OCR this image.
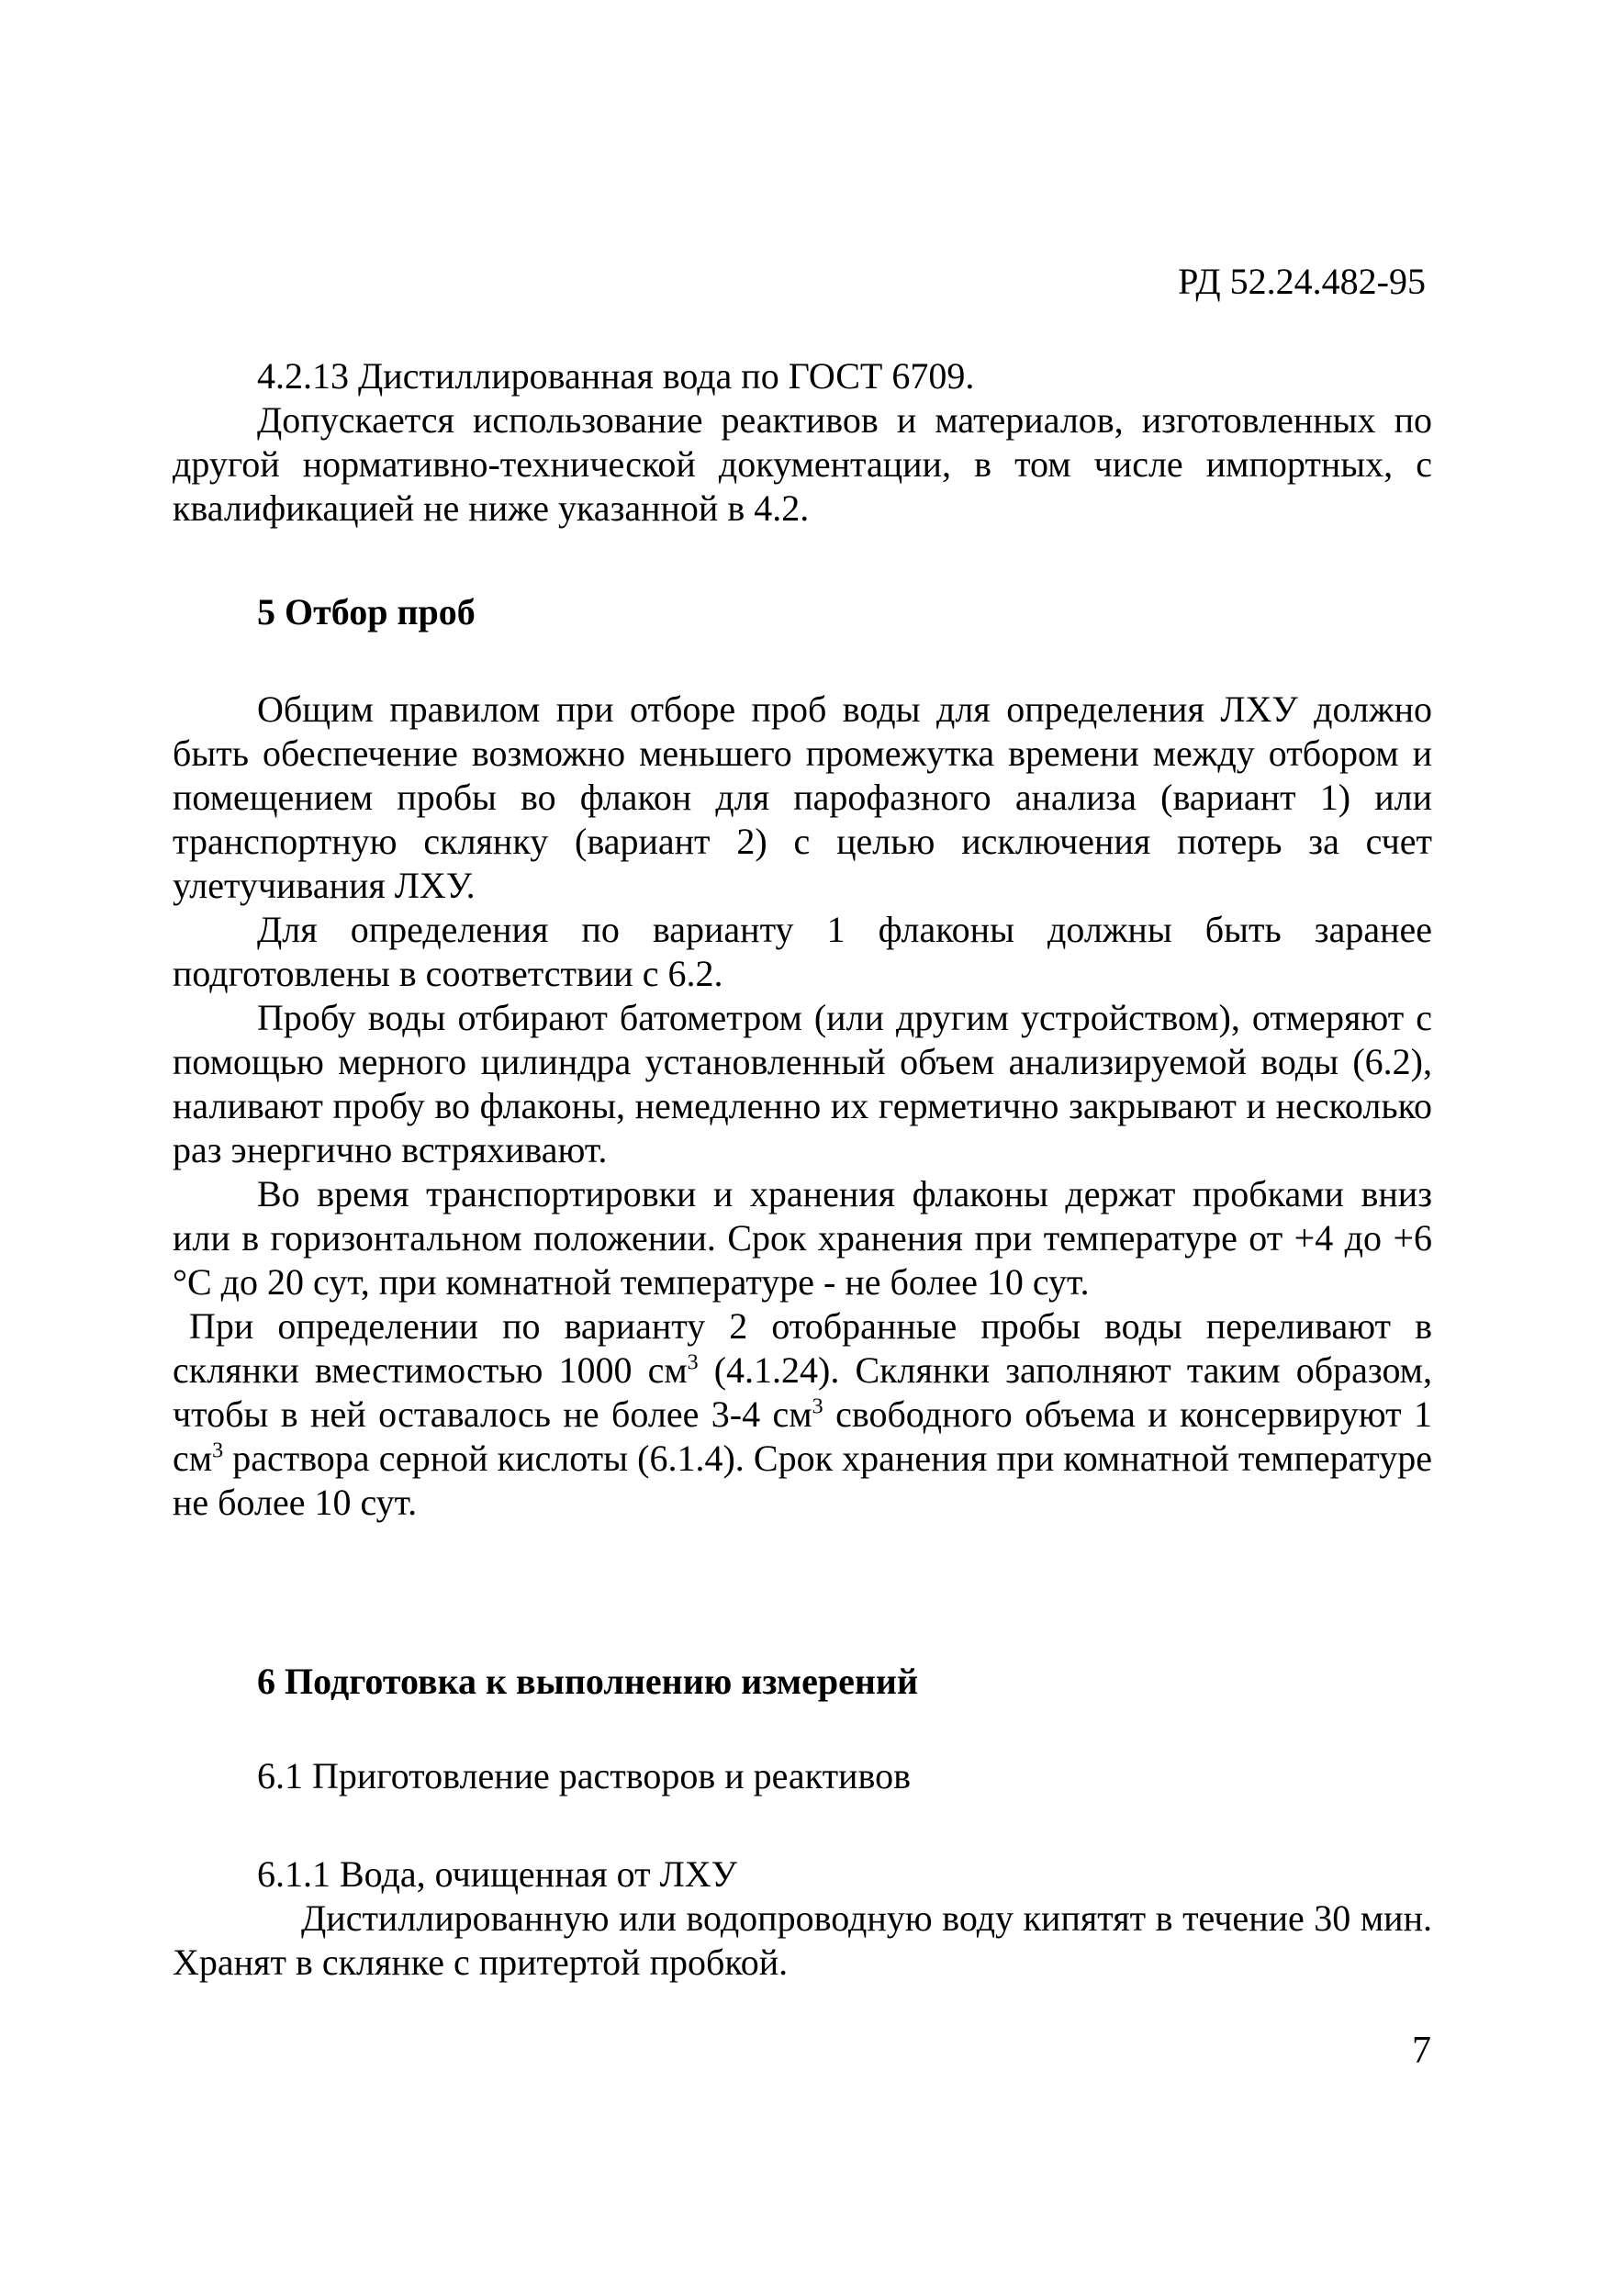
РД 52.24.482-95

4.2.13 Дистиллированная вода по ГОСТ 6709.

Допускается использование реактивов и материалов, изготовленных по другой нормативно-технической документации, в том числе импортных, с квалификацией не ниже указанной в 4.2.

5 Отбор проб

Общим правилом при отборе проб воды для определения ЛХУ должно быть обеспечение возможно меньшего промежутка времени между отбором и помещением пробы во флакон для парофазного анализа (вариант 1) или транспортную склянку (вариант 2) с целью исключения потерь за счет улетучивания ЛХУ.

Для определения по варианту 1 флаконы должны быть заранее подготовлены в соответствии с 6.2.

Пробу воды отбирают батометром (или другим устройством), отмеряют с помощью мерного цилиндра установленный объем анализируемой воды (6.2), наливают пробу во флаконы, немедленно их герметично закрывают и несколько раз энергично встряхивают.

Во время транспортировки и хранения флаконы держат пробками вниз или в горизонтальном положении. Срок хранения при температуре от +4 до +6 °С до 20 сут, при комнатной температуре - не более 10 сут.

При определении по варианту 2 отобранные пробы воды переливают в склянки вместимостью 1000 $см^3$ (4.1.24). Склянки заполняют таким образом, чтобы в ней оставалось не более 3-4 $см^3$ свободного объема и консервируют 1 $см^3$ раствора серной кислоты (6.1.4). Срок хранения при комнатной температуре не более 10 сут.

6 Подготовка к выполнению измерений
6.1 Приготовление растворов и реактивов
6.1.1 Вода, очищенная от ЛХУ

Дистиллированную или водопроводную воду кипятят в течение 30 мин. Хранят в склянке с притертой пробкой.

7
